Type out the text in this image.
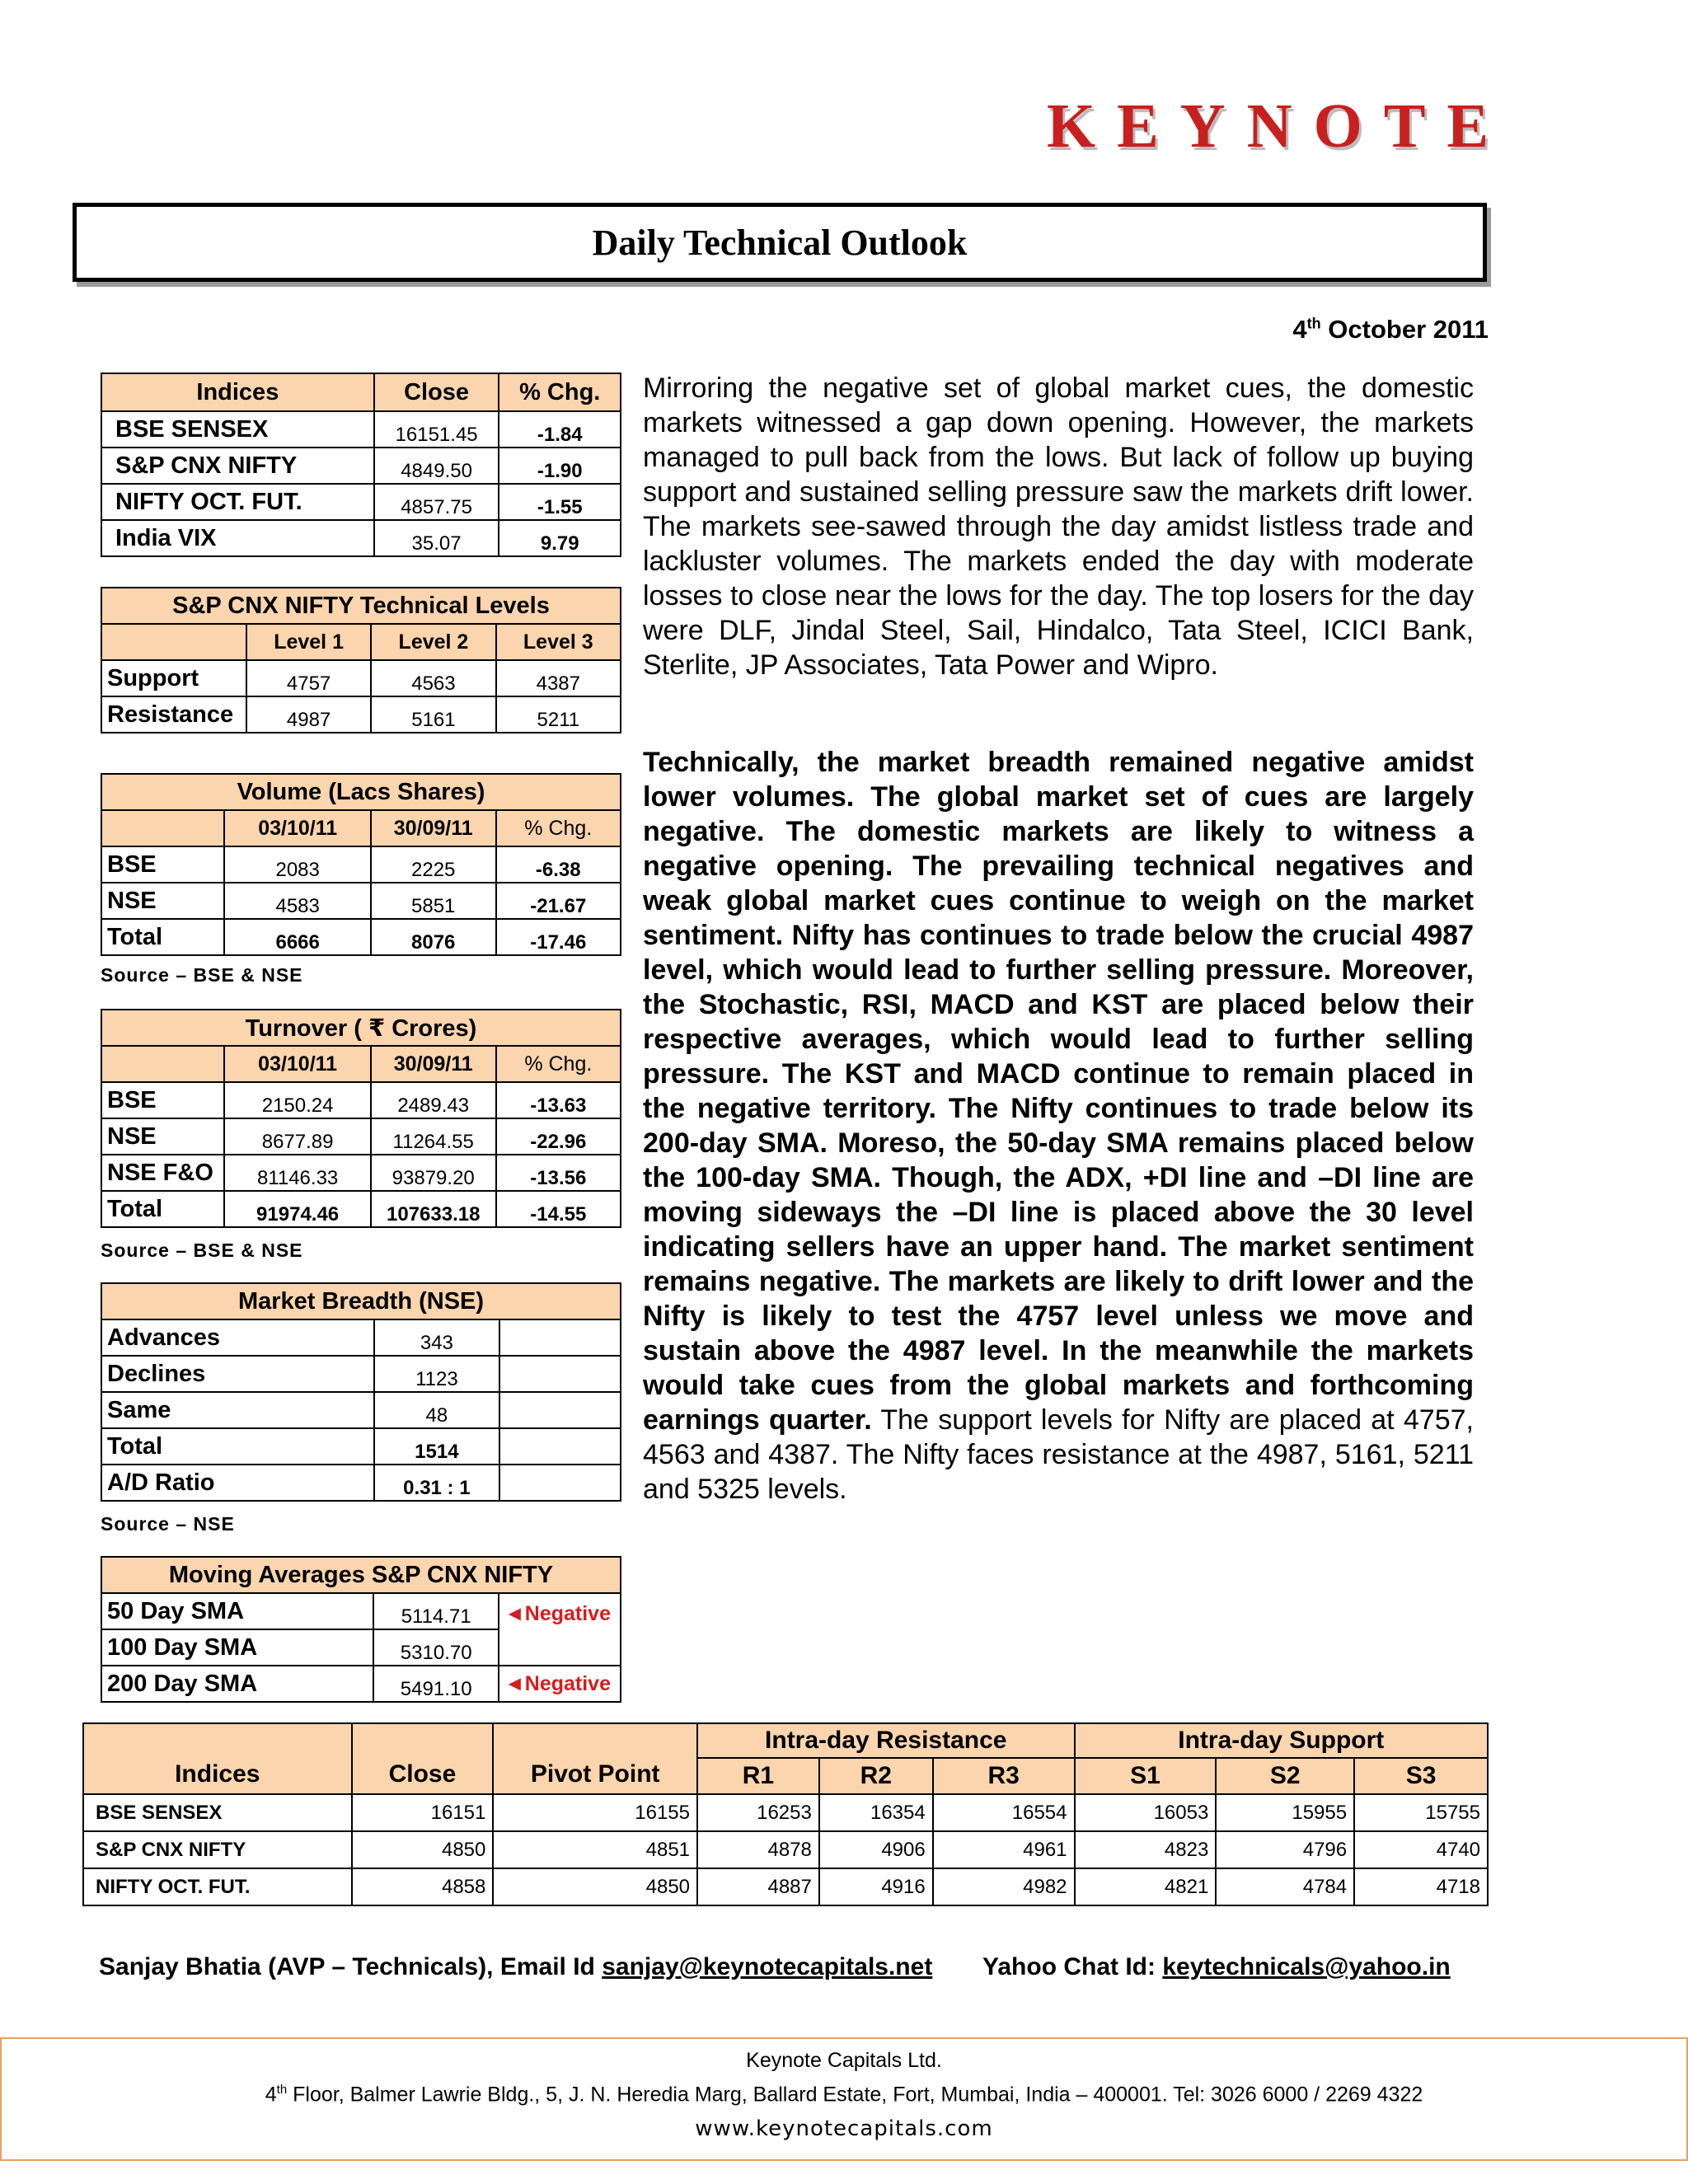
KEYNOTE
Daily Technical Outlook
4th October 2011
Indices	Close	% Chg.
BSE SENSEX	16151.45	-1.84
S&P CNX NIFTY	4849.50	-1.90
NIFTY OCT. FUT.	4857.75	-1.55
India VIX	35.07	9.79
S&P CNX NIFTY Technical Levels			
	Level 1	Level 2	Level 3
Support	4757	4563	4387
Resistance	4987	5161	5211
Volume (Lacs Shares)			
	03/10/11	30/09/11	% Chg.
BSE	2083	2225	-6.38
NSE	4583	5851	-21.67
Total	6666	8076	-17.46
Source – BSE & NSE
Turnover ( ₹ Crores)			
	03/10/11	30/09/11	% Chg.
BSE	2150.24	2489.43	-13.63
NSE	8677.89	11264.55	-22.96
NSE F&O	81146.33	93879.20	-13.56
Total	91974.46	107633.18	-14.55
Source – BSE & NSE
Market Breadth (NSE)		
Advances	343	
Declines	1123	
Same	48	
Total	1514	
A/D Ratio	0.31 : 1	
Source – NSE
Moving Averages S&P CNX NIFTY		
50 Day SMA	5114.71	◄Negative
100 Day SMA	5310.70	
200 Day SMA	5491.10	◄Negative

Mirroring the negative set of global market cues, the domestic markets witnessed a gap down opening. However, the markets managed to pull back from the lows. But lack of follow up buying support and sustained selling pressure saw the markets drift lower. The markets see-sawed through the day amidst listless trade and lackluster volumes. The markets ended the day with moderate losses to close near the lows for the day. The top losers for the day were DLF, Jindal Steel, Sail, Hindalco, Tata Steel, ICICI Bank, Sterlite, JP Associates, Tata Power and Wipro.

Technically, the market breadth remained negative amidst lower volumes. The global market set of cues are largely negative. The domestic markets are likely to witness a negative opening. The prevailing technical negatives and weak global market cues continue to weigh on the market sentiment. Nifty has continues to trade below the crucial 4987 level, which would lead to further selling pressure. Moreover, the Stochastic, RSI, MACD and KST are placed below their respective averages, which would lead to further selling pressure. The KST and MACD continue to remain placed in the negative territory. The Nifty continues to trade below its 200-day SMA. Moreso, the 50-day SMA remains placed below the 100-day SMA. Though, the ADX, +DI line and –DI line are moving sideways the –DI line is placed above the 30 level indicating sellers have an upper hand. The market sentiment remains negative. The markets are likely to drift lower and the Nifty is likely to test the 4757 level unless we move and sustain above the 4987 level. In the meanwhile the markets would take cues from the global markets and forthcoming earnings quarter. The support levels for Nifty are placed at 4757, 4563 and 4387. The Nifty faces resistance at the 4987, 5161, 5211 and 5325 levels.

Indices	Close	Pivot Point	Intra-day Resistance			Intra-day Support		
			R1	R2	R3	S1	S2	S3
BSE SENSEX	16151	16155	16253	16354	16554	16053	15955	15755
S&P CNX NIFTY	4850	4851	4878	4906	4961	4823	4796	4740
NIFTY OCT. FUT.	4858	4850	4887	4916	4982	4821	4784	4718
Sanjay Bhatia (AVP – Technicals), Email Id sanjay@keynotecapitals.net Yahoo Chat Id: keytechnicals@yahoo.in
Keynote Capitals Ltd.
4th Floor, Balmer Lawrie Bldg., 5, J. N. Heredia Marg, Ballard Estate, Fort, Mumbai, India – 400001. Tel: 3026 6000 / 2269 4322
www.keynotecapitals.com
